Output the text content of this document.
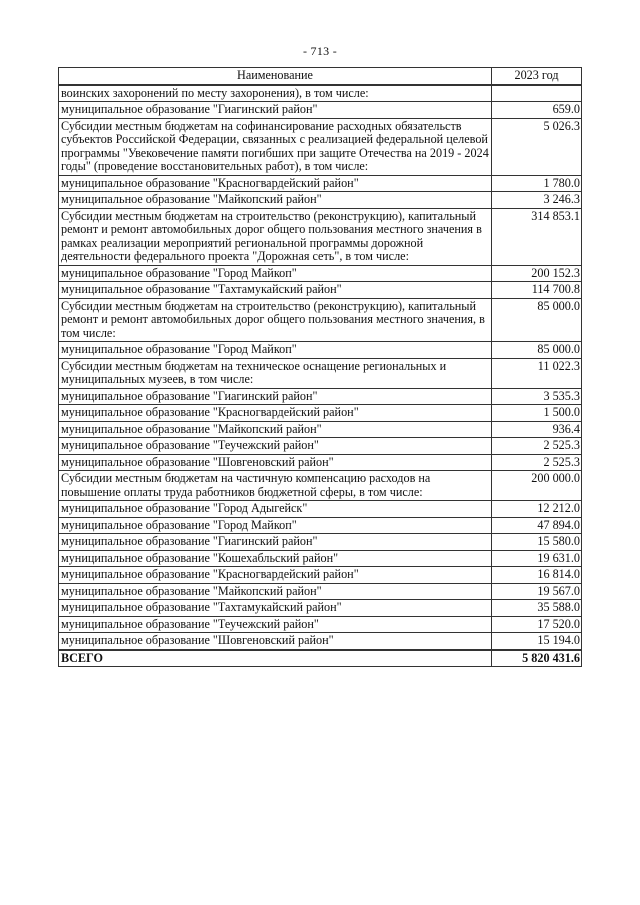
- 713 -
Наименование	2023 год
воинских захоронений по месту захоронения), в том числе:	
муниципальное образование "Гиагинский район"	659.0
Субсидии местным бюджетам на софинансирование расходных обязательств субъектов Российской Федерации, связанных с реализацией федеральной целевой программы "Увековечение памяти погибших при защите Отечества на 2019 - 2024 годы" (проведение восстановительных работ), в том числе:	5 026.3
муниципальное образование "Красногвардейский район"	1 780.0
муниципальное образование "Майкопский район"	3 246.3
Субсидии местным бюджетам на строительство (реконструкцию), капитальный ремонт и ремонт автомобильных дорог общего пользования местного значения в рамках реализации мероприятий региональной программы дорожной деятельности федерального проекта "Дорожная сеть", в том числе:	314 853.1
муниципальное образование "Город Майкоп"	200 152.3
муниципальное образование "Тахтамукайский район"	114 700.8
Субсидии местным бюджетам на строительство (реконструкцию), капитальный ремонт и ремонт автомобильных дорог общего пользования местного значения, в том числе:	85 000.0
муниципальное образование "Город Майкоп"	85 000.0
Субсидии местным бюджетам на техническое оснащение региональных и муниципальных музеев, в том числе:	11 022.3
муниципальное образование "Гиагинский район"	3 535.3
муниципальное образование "Красногвардейский район"	1 500.0
муниципальное образование "Майкопский район"	936.4
муниципальное образование "Теучежский район"	2 525.3
муниципальное образование "Шовгеновский район"	2 525.3
Субсидии местным бюджетам на частичную компенсацию расходов на повышение оплаты труда работников бюджетной сферы, в том числе:	200 000.0
муниципальное образование "Город Адыгейск"	12 212.0
муниципальное образование "Город Майкоп"	47 894.0
муниципальное образование "Гиагинский район"	15 580.0
муниципальное образование "Кошехабльский район"	19 631.0
муниципальное образование "Красногвардейский район"	16 814.0
муниципальное образование "Майкопский район"	19 567.0
муниципальное образование "Тахтамукайский район"	35 588.0
муниципальное образование "Теучежский район"	17 520.0
муниципальное образование "Шовгеновский район"	15 194.0
ВСЕГО	5 820 431.6
